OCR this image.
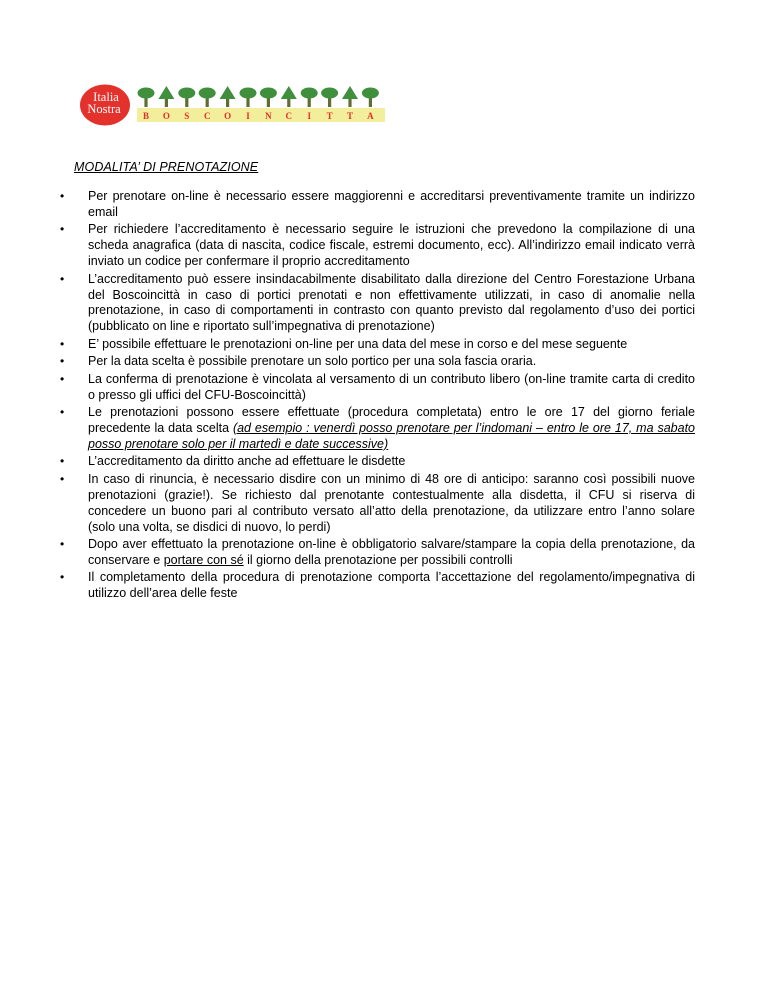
Italia
Nostra B O S C O I N C I T T A
MODALITA’ DI PRENOTAZIONE
• Per prenotare on-line è necessario essere maggiorenni e accreditarsi preventivamente tramite un indirizzo email
• Per richiedere l’accreditamento è necessario seguire le istruzioni che prevedono la compilazione di una scheda anagrafica (data di nascita, codice fiscale, estremi documento, ecc). All’indirizzo email indicato verrà inviato un codice per confermare il proprio accreditamento
• L’accreditamento può essere insindacabilmente disabilitato dalla direzione del Centro Forestazione Urbana del Boscoincittà in caso di portici prenotati e non effettivamente utilizzati, in caso di anomalie nella prenotazione, in caso di comportamenti in contrasto con quanto previsto dal regolamento d’uso dei portici (pubblicato on line e riportato sull’impegnativa di prenotazione)
• E’ possibile effettuare le prenotazioni on-line per una data del mese in corso e del mese seguente
• Per la data scelta è possibile prenotare un solo portico per una sola fascia oraria.
• La conferma di prenotazione è vincolata al versamento di un contributo libero (on-line tramite carta di credito o presso gli uffici del CFU-Boscoincittà)
• Le prenotazioni possono essere effettuate (procedura completata) entro le ore 17 del giorno feriale precedente la data scelta (ad esempio : venerdì posso prenotare per l’indomani – entro le ore 17, ma sabato posso prenotare solo per il martedì e date successive)
• L’accreditamento da diritto anche ad effettuare le disdette
• In caso di rinuncia, è necessario disdire con un minimo di 48 ore di anticipo: saranno così possibili nuove prenotazioni (grazie!). Se richiesto dal prenotante contestualmente alla disdetta, il CFU si riserva di concedere un buono pari al contributo versato all’atto della prenotazione, da utilizzare entro l’anno solare (solo una volta, se disdici di nuovo, lo perdi)
• Dopo aver effettuato la prenotazione on-line è obbligatorio salvare/stampare la copia della prenotazione, da conservare e portare con sé il giorno della prenotazione per possibili controlli
• Il completamento della procedura di prenotazione comporta l’accettazione del regolamento/impegnativa di utilizzo dell’area delle feste
